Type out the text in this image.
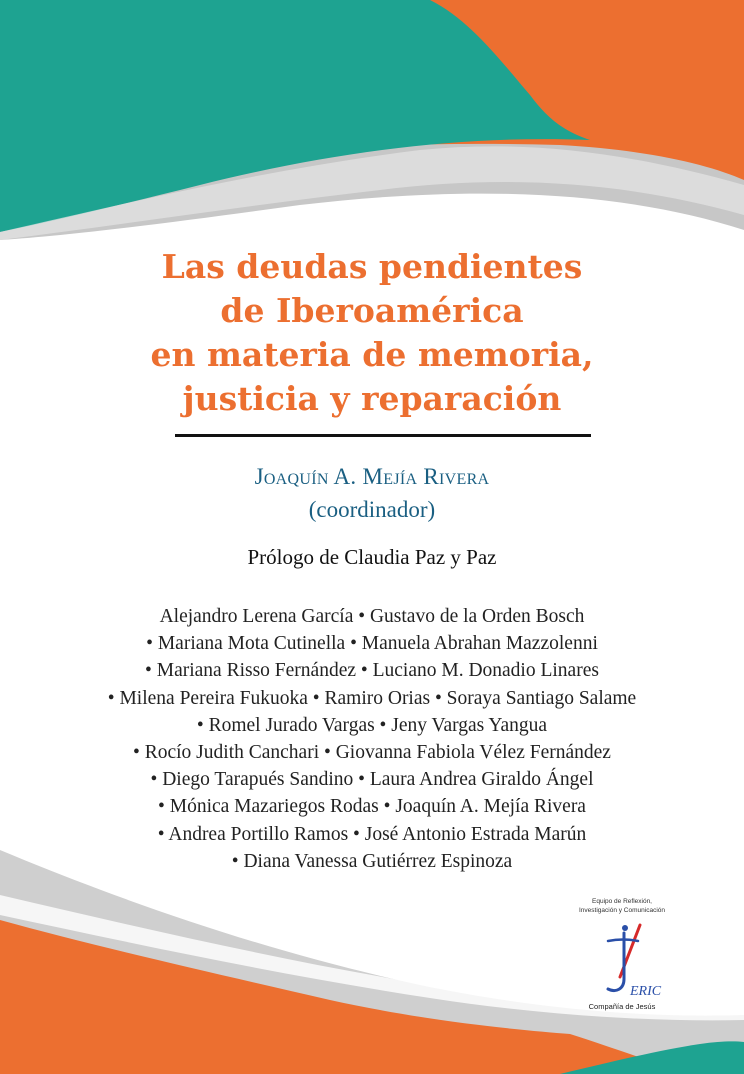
Las deudas pendientes
de Iberoamérica
en materia de memoria,
justicia y reparación
Joaquín A. Mejía Rivera
(coordinador)
Prólogo de Claudia Paz y Paz
Alejandro Lerena García • Gustavo de la Orden Bosch
• Mariana Mota Cutinella • Manuela Abrahan Mazzolenni
• Mariana Risso Fernández • Luciano M. Donadio Linares
• Milena Pereira Fukuoka • Ramiro Orias • Soraya Santiago Salame
• Romel Jurado Vargas • Jeny Vargas Yangua
• Rocío Judith Canchari • Giovanna Fabiola Vélez Fernández
• Diego Tarapués Sandino • Laura Andrea Giraldo Ángel
• Mónica Mazariegos Rodas • Joaquín A. Mejía Rivera
• Andrea Portillo Ramos • José Antonio Estrada Marún
• Diana Vanessa Gutiérrez Espinoza
Equipo de Reflexión,
Investigación y Comunicación
ERIC
Compañía de Jesús
